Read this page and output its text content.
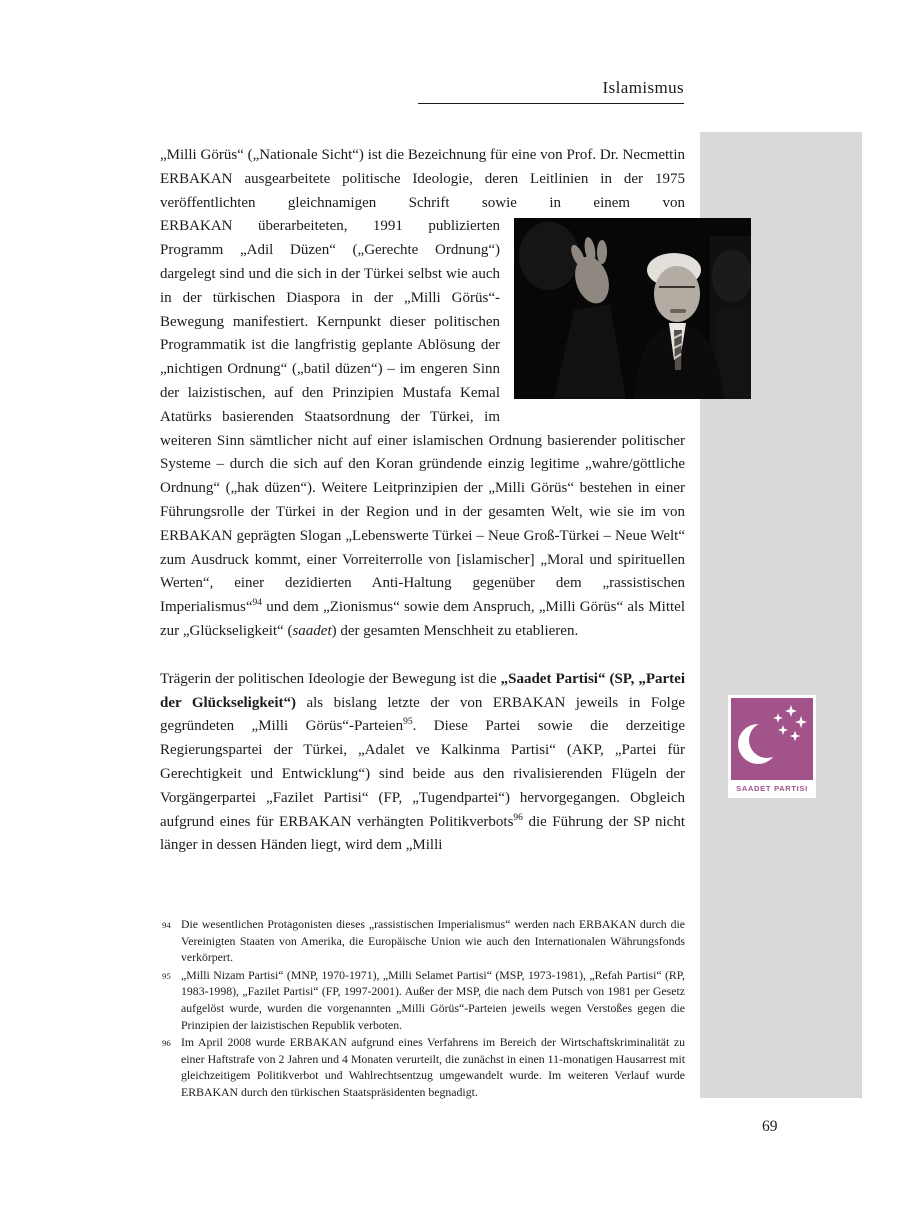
Islamismus

„Milli Görüs“ („Nationale Sicht“) ist die Bezeichnung für eine von Prof. Dr. Necmettin ERBAKAN ausgearbeitete politische Ideologie, deren Leitlinien in der 1975 veröffentlichten gleichnamigen Schrift sowie in einem von

ERBAKAN überarbeiteten, 1991 publizierten Programm „Adil Düzen“ („Gerechte Ordnung“) dargelegt sind und die sich in der Türkei selbst wie auch in der türkischen Diaspora in der „Milli Görüs“-Bewegung manifestiert. Kernpunkt dieser politischen Programmatik ist die langfristig geplante Ablösung der „nichtigen Ordnung“ („batil düzen“) – im engeren Sinn der laizistischen, auf den Prinzipien Mustafa Kemal Atatürks basierenden Staatsordnung der Türkei, im weiteren Sinn sämtlicher nicht auf einer islamischen Ordnung basierender politischer Systeme – durch die sich auf den Koran gründende einzig legitime „wahre/göttliche Ordnung“ („hak düzen“). Weitere Leitprinzipien der „Milli Görüs“ bestehen in einer Führungsrolle der Türkei in der Region und in der gesamten Welt, wie sie im von ERBAKAN geprägten Slogan „Lebenswerte Türkei – Neue Groß-Türkei – Neue Welt“ zum Ausdruck kommt, einer Vorreiterrolle von [islamischer] „Moral und spirituellen Werten“, einer dezidierten Anti-Haltung gegenüber dem „rassistischen Imperialismus“$^{94}$ und dem „Zionismus“ sowie dem Anspruch, „Milli Görüs“ als Mittel zur „Glückseligkeit“ (saadet) der gesamten Menschheit zu etablieren.

Trägerin der politischen Ideologie der Bewegung ist die „Saadet Partisi“ (SP, „Partei der Glückseligkeit“) als bislang letzte der von ERBAKAN jeweils in Folge gegründeten „Milli Görüs“-Parteien$^{95}$. Diese Partei sowie die derzeitige Regierungspartei der Türkei, „Adalet ve Kalkinma Partisi“ (AKP, „Partei für Gerechtigkeit und Entwicklung“) sind beide aus den rivalisierenden Flügeln der Vorgängerpartei „Fazilet Partisi“ (FP, „Tugendpartei“) hervorgegangen. Obgleich aufgrund eines für ERBAKAN verhängten Politikverbots$^{96}$ die Führung der SP nicht länger in dessen Händen liegt, wird dem „Milli

SAADET PARTISI

94 Die wesentlichen Protagonisten dieses „rassistischen Imperialismus“ werden nach ERBAKAN durch die Vereinigten Staaten von Amerika, die Europäische Union wie auch den Internationalen Währungsfonds verkörpert.

95 „Milli Nizam Partisi“ (MNP, 1970-1971), „Milli Selamet Partisi“ (MSP, 1973-1981), „Refah Partisi“ (RP, 1983-1998), „Fazilet Partisi“ (FP, 1997-2001). Außer der MSP, die nach dem Putsch von 1981 per Gesetz aufgelöst wurde, wurden die vorgenannten „Milli Görüs“-Parteien jeweils wegen Verstoßes gegen die Prinzipien der laizistischen Republik verboten.

96 Im April 2008 wurde ERBAKAN aufgrund eines Verfahrens im Bereich der Wirtschaftskriminalität zu einer Haftstrafe von 2 Jahren und 4 Monaten verurteilt, die zunächst in einen 11-monatigen Hausarrest mit gleichzeitigem Politikverbot und Wahlrechtsentzug umgewandelt wurde. Im weiteren Verlauf wurde ERBAKAN durch den türkischen Staatspräsidenten begnadigt.

69
